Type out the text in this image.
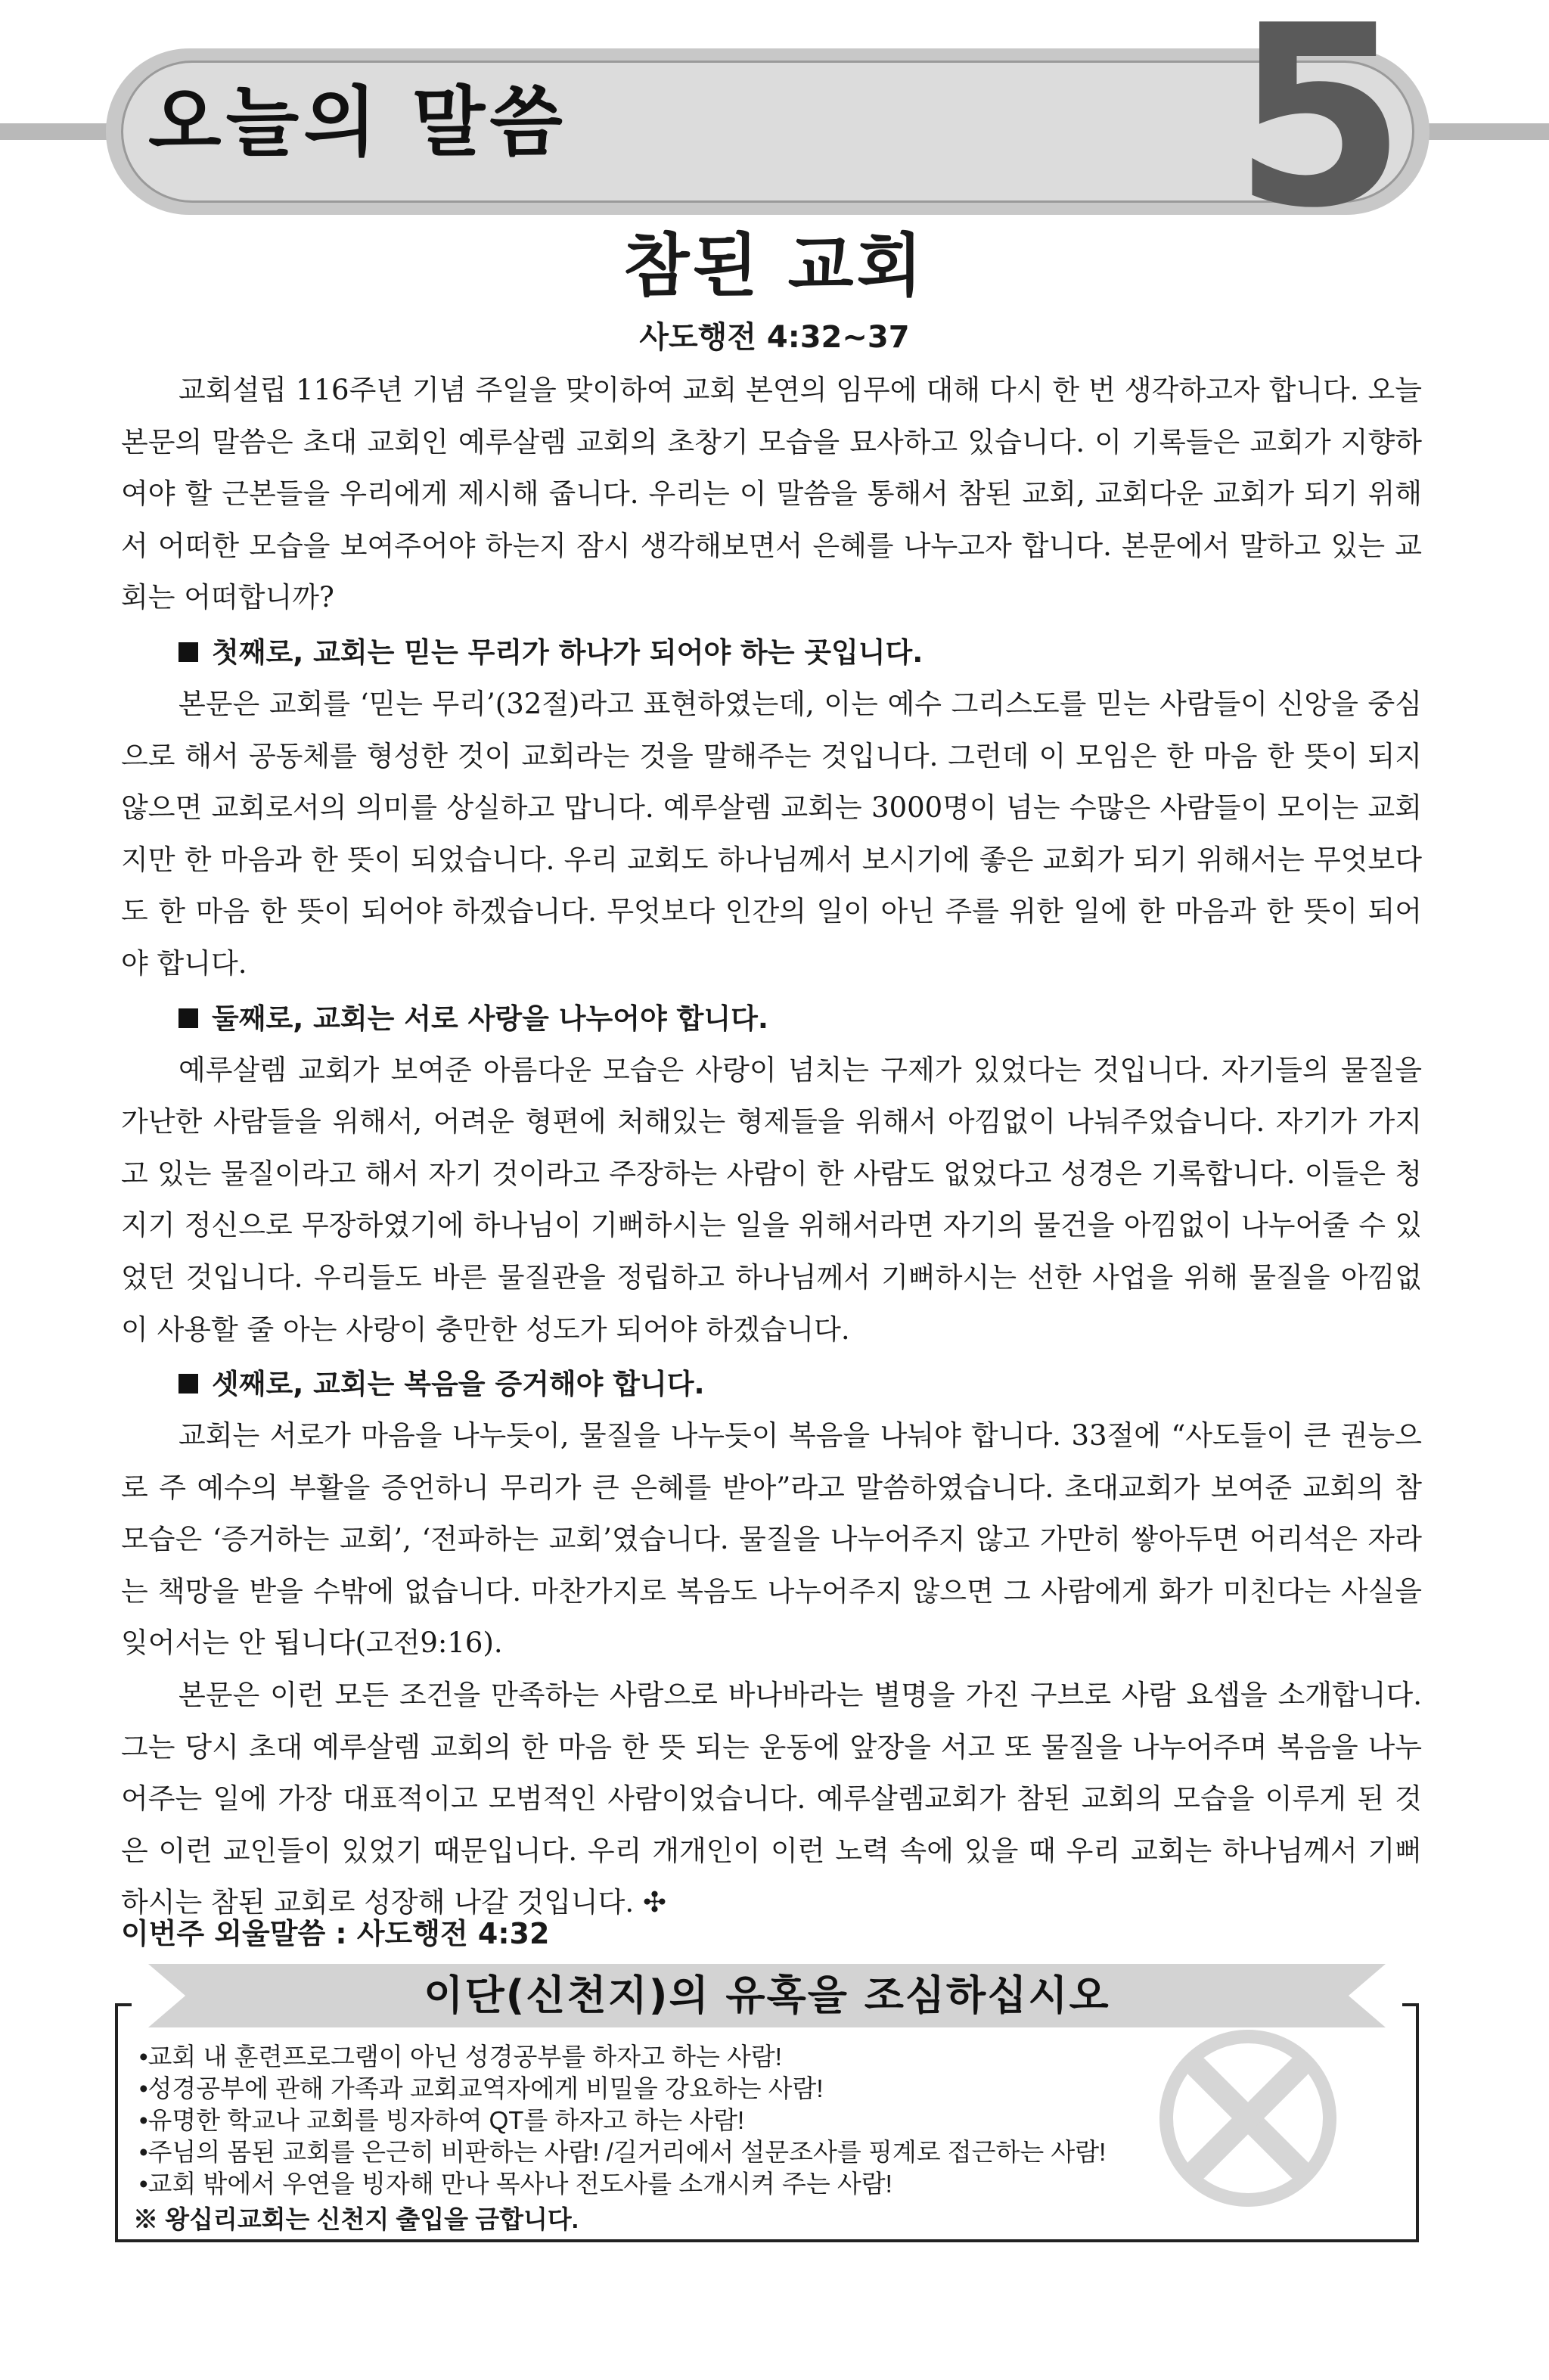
오늘의 말씀	5
참된 교회
사도행전 4:32~37

교회설립 116주년 기념 주일을 맞이하여 교회 본연의 임무에 대해 다시 한 번 생각하고자 합니다. 오늘 본문의 말씀은 초대 교회인 예루살렘 교회의 초창기 모습을 묘사하고 있습니다. 이 기록들은 교회가 지향하여야 할 근본들을 우리에게 제시해 줍니다. 우리는 이 말씀을 통해서 참된 교회, 교회다운 교회가 되기 위해서 어떠한 모습을 보여주어야 하는지 잠시 생각해보면서 은혜를 나누고자 합니다. 본문에서 말하고 있는 교회는 어떠합니까?

첫째로, 교회는 믿는 무리가 하나가 되어야 하는 곳입니다.

본문은 교회를 ‘믿는 무리’(32절)라고 표현하였는데, 이는 예수 그리스도를 믿는 사람들이 신앙을 중심으로 해서 공동체를 형성한 것이 교회라는 것을 말해주는 것입니다. 그런데 이 모임은 한 마음 한 뜻이 되지 않으면 교회로서의 의미를 상실하고 맙니다. 예루살렘 교회는 3000명이 넘는 수많은 사람들이 모이는 교회지만 한 마음과 한 뜻이 되었습니다. 우리 교회도 하나님께서 보시기에 좋은 교회가 되기 위해서는 무엇보다도 한 마음 한 뜻이 되어야 하겠습니다. 무엇보다 인간의 일이 아닌 주를 위한 일에 한 마음과 한 뜻이 되어야 합니다.

둘째로, 교회는 서로 사랑을 나누어야 합니다.

예루살렘 교회가 보여준 아름다운 모습은 사랑이 넘치는 구제가 있었다는 것입니다. 자기들의 물질을 가난한 사람들을 위해서, 어려운 형편에 처해있는 형제들을 위해서 아낌없이 나눠주었습니다. 자기가 가지고 있는 물질이라고 해서 자기 것이라고 주장하는 사람이 한 사람도 없었다고 성경은 기록합니다. 이들은 청지기 정신으로 무장하였기에 하나님이 기뻐하시는 일을 위해서라면 자기의 물건을 아낌없이 나누어줄 수 있었던 것입니다. 우리들도 바른 물질관을 정립하고 하나님께서 기뻐하시는 선한 사업을 위해 물질을 아낌없이 사용할 줄 아는 사랑이 충만한 성도가 되어야 하겠습니다.

셋째로, 교회는 복음을 증거해야 합니다.

교회는 서로가 마음을 나누듯이, 물질을 나누듯이 복음을 나눠야 합니다. 33절에 “사도들이 큰 권능으로 주 예수의 부활을 증언하니 무리가 큰 은혜를 받아”라고 말씀하였습니다. 초대교회가 보여준 교회의 참 모습은 ‘증거하는 교회’, ‘전파하는 교회’였습니다. 물질을 나누어주지 않고 가만히 쌓아두면 어리석은 자라는 책망을 받을 수밖에 없습니다. 마찬가지로 복음도 나누어주지 않으면 그 사람에게 화가 미친다는 사실을 잊어서는 안 됩니다(고전9:16).

본문은 이런 모든 조건을 만족하는 사람으로 바나바라는 별명을 가진 구브로 사람 요셉을 소개합니다. 그는 당시 초대 예루살렘 교회의 한 마음 한 뜻 되는 운동에 앞장을 서고 또 물질을 나누어주며 복음을 나누어주는 일에 가장 대표적이고 모범적인 사람이었습니다. 예루살렘교회가 참된 교회의 모습을 이루게 된 것은 이런 교인들이 있었기 때문입니다. 우리 개개인이 이런 노력 속에 있을 때 우리 교회는 하나님께서 기뻐하시는 참된 교회로 성장해 나갈 것입니다. ✣

이번주 외울말씀 : 사도행전 4:32
이단(신천지)의 유혹을 조심하십시오
•교회 내 훈련프로그램이 아닌 성경공부를 하자고 하는 사람!
•성경공부에 관해 가족과 교회교역자에게 비밀을 강요하는 사람!
•유명한 학교나 교회를 빙자하여 QT를 하자고 하는 사람!
•주님의 몸된 교회를 은근히 비판하는 사람! /길거리에서 설문조사를 핑계로 접근하는 사람!
•교회 밖에서 우연을 빙자해 만나 목사나 전도사를 소개시켜 주는 사람!
※ 왕십리교회는 신천지 출입을 금합니다.
